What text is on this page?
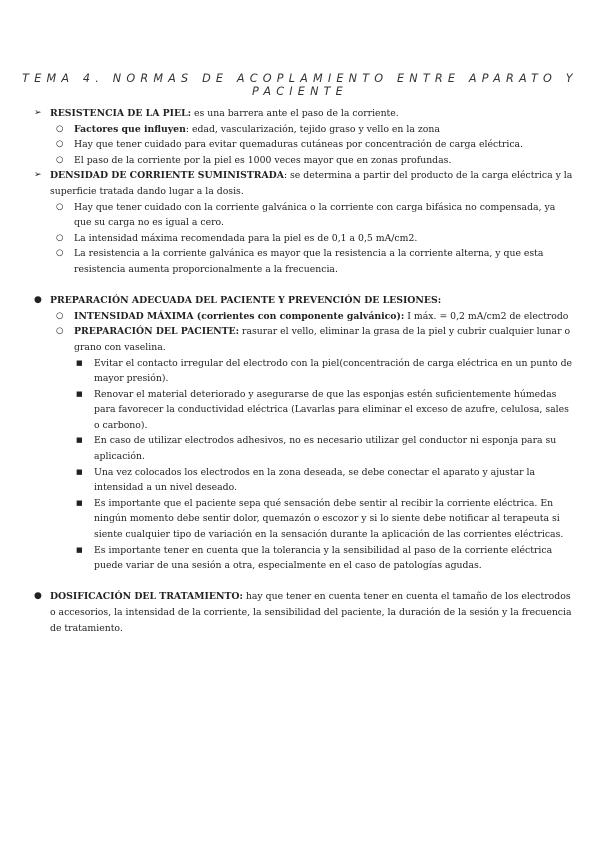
TEMA 4. NORMAS DE ACOPLAMIENTO ENTRE APARATO Y PACIENTE
➢ RESISTENCIA DE LA PIEL: es una barrera ante el paso de la corriente.
○ Factores que influyen: edad, vascularización, tejido graso y vello en la zona
○ Hay que tener cuidado para evitar quemaduras cutáneas por concentración de carga eléctrica.
○ El paso de la corriente por la piel es 1000 veces mayor que en zonas profundas.
➢ DENSIDAD DE CORRIENTE SUMINISTRADA: se determina a partir del producto de la carga eléctrica y la superficie tratada dando lugar a la dosis.
○ Hay que tener cuidado con la corriente galvánica o la corriente con carga bifásica no compensada, ya que su carga no es igual a cero.
○ La intensidad máxima recomendada para la piel es de 0,1 a 0,5 mA/cm2.
○ La resistencia a la corriente galvánica es mayor que la resistencia a la corriente alterna, y que esta resistencia aumenta proporcionalmente a la frecuencia.
● PREPARACIÓN ADECUADA DEL PACIENTE Y PREVENCIÓN DE LESIONES:
○ INTENSIDAD MÁXIMA (corrientes con componente galvánico): I máx. = 0,2 mA/cm2 de electrodo
○ PREPARACIÓN DEL PACIENTE: rasurar el vello, eliminar la grasa de la piel y cubrir cualquier lunar o grano con vaselina.
■ Evitar el contacto irregular del electrodo con la piel(concentración de carga eléctrica en un punto de mayor presión).
■ Renovar el material deteriorado y asegurarse de que las esponjas estén suficientemente húmedas para favorecer la conductividad eléctrica (Lavarlas para eliminar el exceso de azufre, celulosa, sales o carbono).
■ En caso de utilizar electrodos adhesivos, no es necesario utilizar gel conductor ni esponja para su aplicación.
■ Una vez colocados los electrodos en la zona deseada, se debe conectar el aparato y ajustar la intensidad a un nivel deseado.
■ Es importante que el paciente sepa qué sensación debe sentir al recibir la corriente eléctrica. En ningún momento debe sentir dolor, quemazón o escozor y si lo siente debe notificar al terapeuta si siente cualquier tipo de variación en la sensación durante la aplicación de las corrientes eléctricas.
■ Es importante tener en cuenta que la tolerancia y la sensibilidad al paso de la corriente eléctrica puede variar de una sesión a otra, especialmente en el caso de patologías agudas.
● DOSIFICACIÓN DEL TRATAMIENTO: hay que tener en cuenta tener en cuenta el tamaño de los electrodos o accesorios, la intensidad de la corriente, la sensibilidad del paciente, la duración de la sesión y la frecuencia de tratamiento.
